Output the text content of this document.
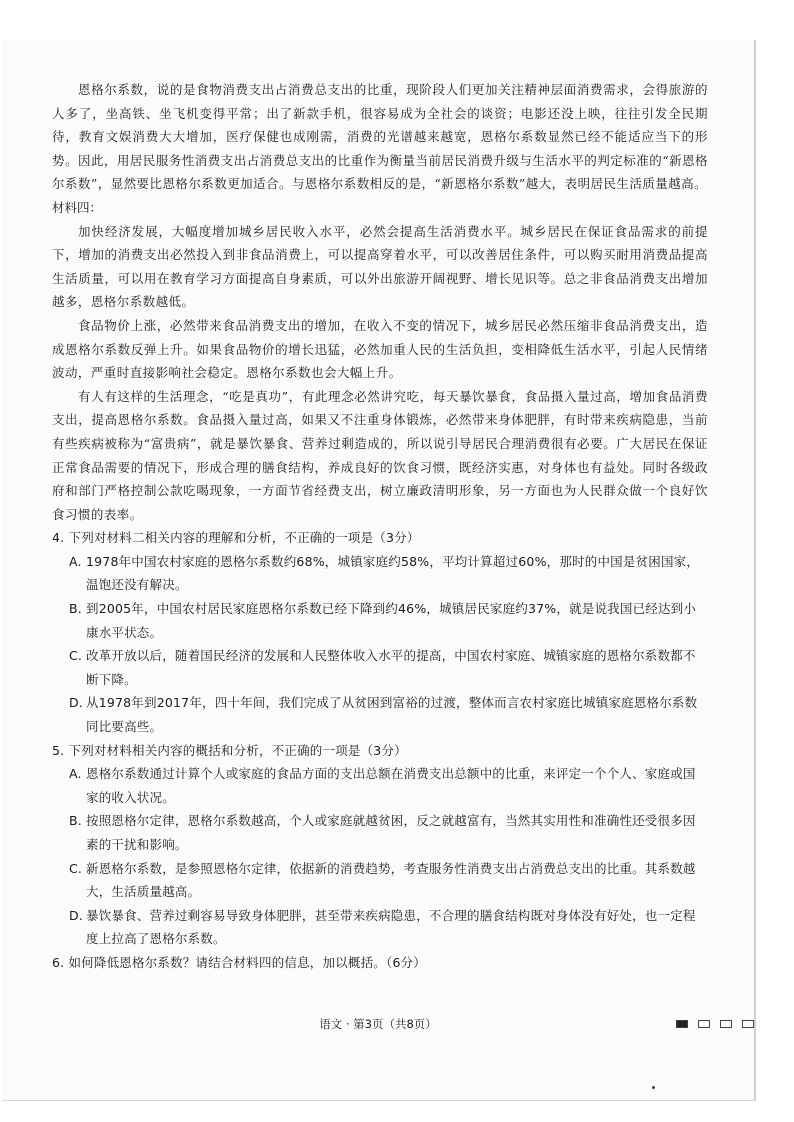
恩格尔系数，说的是食物消费支出占消费总支出的比重，现阶段人们更加关注精神层面消费需求，会得旅游的人多了，坐高铁、坐飞机变得平常；出了新款手机，很容易成为全社会的谈资；电影还没上映，往往引发全民期待，教育文娱消费大大增加，医疗保健也成刚需，消费的光谱越来越宽，恩格尔系数显然已经不能适应当下的形势。因此，用居民服务性消费支出占消费总支出的比重作为衡量当前居民消费升级与生活水平的判定标准的“新恩格尔系数”，显然要比恩格尔系数更加适合。与恩格尔系数相反的是，“新恩格尔系数”越大，表明居民生活质量越高。

材料四：

加快经济发展，大幅度增加城乡居民收入水平，必然会提高生活消费水平。城乡居民在保证食品需求的前提下，增加的消费支出必然投入到非食品消费上，可以提高穿着水平，可以改善居住条件，可以购买耐用消费品提高生活质量，可以用在教育学习方面提高自身素质，可以外出旅游开阔视野、增长见识等。总之非食品消费支出增加越多，恩格尔系数越低。

食品物价上涨，必然带来食品消费支出的增加，在收入不变的情况下，城乡居民必然压缩非食品消费支出，造成恩格尔系数反弹上升。如果食品物价的增长迅猛，必然加重人民的生活负担，变相降低生活水平，引起人民情绪波动，严重时直接影响社会稳定。恩格尔系数也会大幅上升。

有人有这样的生活理念，“吃是真功”，有此理念必然讲究吃，每天暴饮暴食，食品摄入量过高，增加食品消费支出，提高恩格尔系数。食品摄入量过高，如果又不注重身体锻炼，必然带来身体肥胖，有时带来疾病隐患，当前有些疾病被称为“富贵病”，就是暴饮暴食、营养过剩造成的，所以说引导居民合理消费很有必要。广大居民在保证正常食品需要的情况下，形成合理的膳食结构，养成良好的饮食习惯，既经济实惠，对身体也有益处。同时各级政府和部门严格控制公款吃喝现象，一方面节省经费支出，树立廉政清明形象，另一方面也为人民群众做一个良好饮食习惯的表率。

4. 下列对材料二相关内容的理解和分析，不正确的一项是（3分）

A. 1978年中国农村家庭的恩格尔系数约68%，城镇家庭约58%，平均计算超过60%，那时的中国是贫困国家，温饱还没有解决。

B. 到2005年，中国农村居民家庭恩格尔系数已经下降到约46%，城镇居民家庭约37%，就是说我国已经达到小康水平状态。

C. 改革开放以后，随着国民经济的发展和人民整体收入水平的提高，中国农村家庭、城镇家庭的恩格尔系数都不断下降。

D. 从1978年到2017年，四十年间，我们完成了从贫困到富裕的过渡，整体而言农村家庭比城镇家庭恩格尔系数同比要高些。

5. 下列对材料相关内容的概括和分析，不正确的一项是（3分）

A. 恩格尔系数通过计算个人或家庭的食品方面的支出总额在消费支出总额中的比重，来评定一个个人、家庭或国家的收入状况。

B. 按照恩格尔定律，恩格尔系数越高，个人或家庭就越贫困，反之就越富有，当然其实用性和准确性还受很多因素的干扰和影响。

C. 新恩格尔系数，是参照恩格尔定律，依据新的消费趋势，考查服务性消费支出占消费总支出的比重。其系数越大，生活质量越高。

D. 暴饮暴食、营养过剩容易导致身体肥胖，甚至带来疾病隐患，不合理的膳食结构既对身体没有好处，也一定程度上拉高了恩格尔系数。

6. 如何降低恩格尔系数？请结合材料四的信息，加以概括。（6分）

语文 · 第3页（共8页）
